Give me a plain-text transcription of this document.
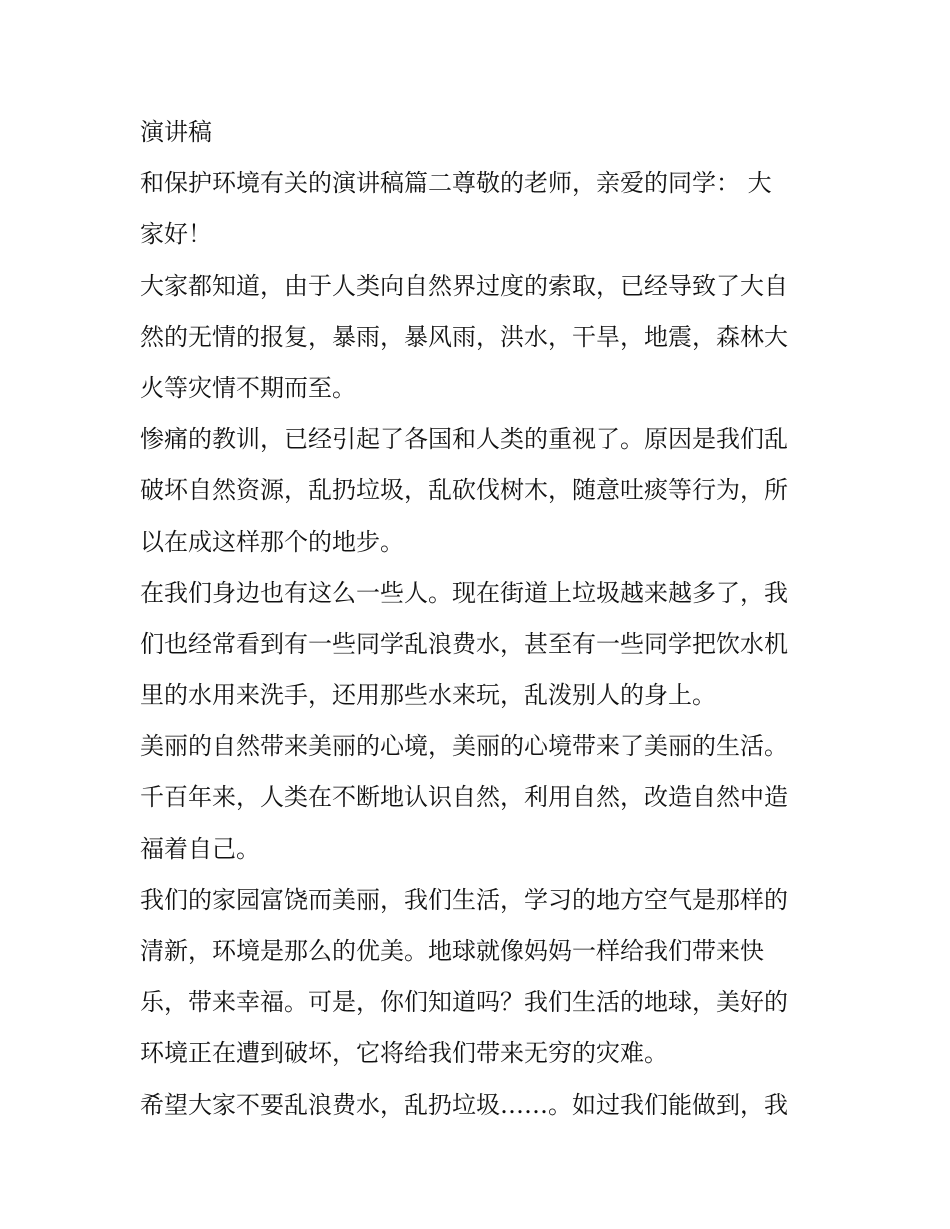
演讲稿

和保护环境有关的演讲稿篇二尊敬的老师，亲爱的同学： 大
家好！

大家都知道，由于人类向自然界过度的索取，已经导致了大自
然的无情的报复，暴雨，暴风雨，洪水，干旱，地震，森林大
火等灾情不期而至。

惨痛的教训，已经引起了各国和人类的重视了。原因是我们乱
破坏自然资源，乱扔垃圾，乱砍伐树木，随意吐痰等行为，所
以在成这样那个的地步。

在我们身边也有这么一些人。现在街道上垃圾越来越多了，我
们也经常看到有一些同学乱浪费水，甚至有一些同学把饮水机
里的水用来洗手，还用那些水来玩，乱泼别人的身上。

美丽的自然带来美丽的心境，美丽的心境带来了美丽的生活。

千百年来，人类在不断地认识自然，利用自然，改造自然中造
福着自己。

我们的家园富饶而美丽，我们生活，学习的地方空气是那样的
清新，环境是那么的优美。地球就像妈妈一样给我们带来快
乐，带来幸福。可是，你们知道吗？我们生活的地球，美好的
环境正在遭到破坏，它将给我们带来无穷的灾难。

希望大家不要乱浪费水，乱扔垃圾……。如过我们能做到，我
